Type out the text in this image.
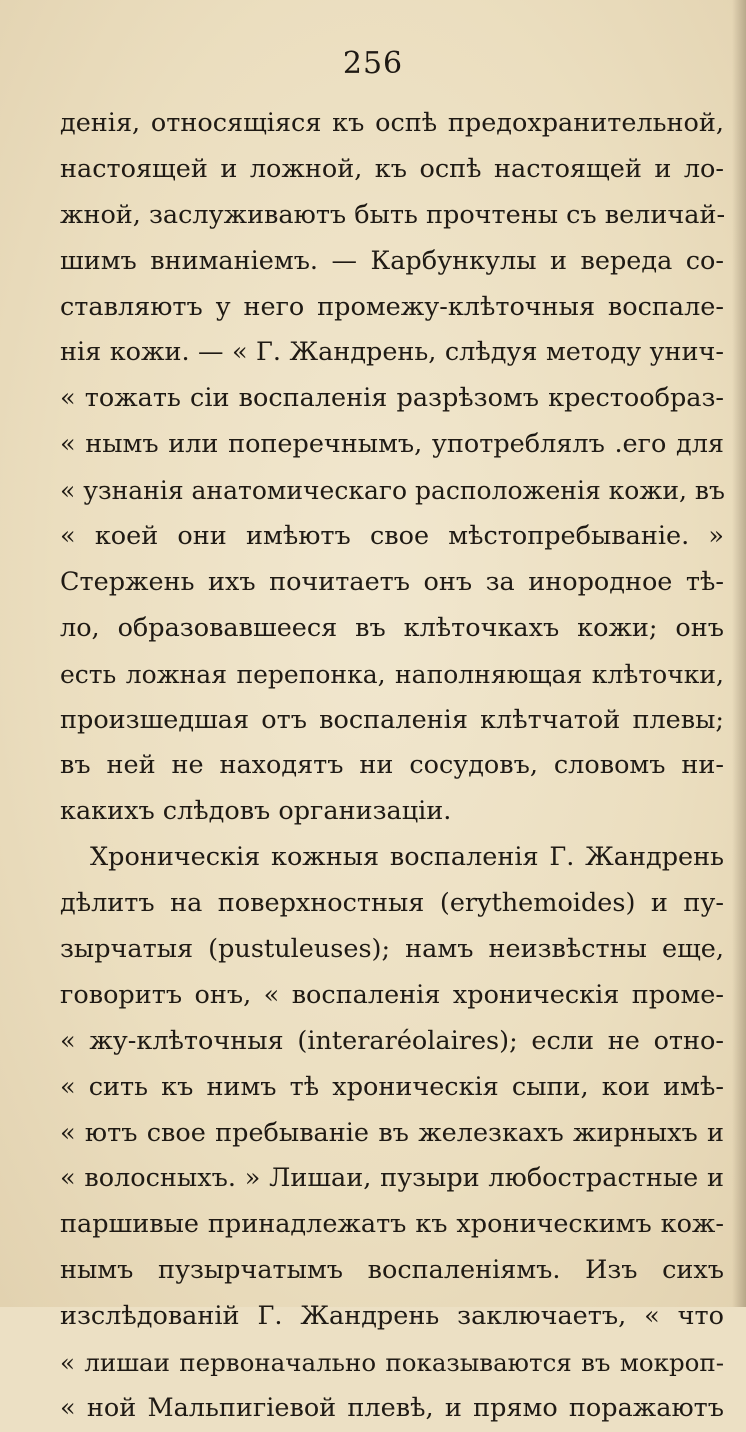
256
денія, относящіяся къ оспѣ предохранительной,
настоящей и ложной, къ оспѣ настоящей и ло-
жной, заслуживаютъ быть прочтены съ величай-
шимъ вниманіемъ. — Карбункулы и вереда со-
ставляютъ у него промежу-клѣточныя воспале-
нія кожи. — « Г. Жандрень, слѣдуя методу унич-
« тожать сіи воспаленія разрѣзомъ крестообраз-
« нымъ или поперечнымъ, употреблялъ .его для
« узнанія анатомическаго расположенія кожи, въ
« коей они имѣютъ свое мѣстопребываніе. »
Стержень ихъ почитаетъ онъ за инородное тѣ-
ло, образовавшееся въ клѣточкахъ кожи; онъ
есть ложная перепонка, наполняющая клѣточки,
произшедшая отъ воспаленія клѣтчатой плевы;
въ ней не находятъ ни сосудовъ, словомъ ни-
какихъ слѣдовъ организаціи.
Хроническія кожныя воспаленія Г. Жандрень
дѣлитъ на поверхностныя (erythemoides) и пу-
зырчатыя (pustuleuses); намъ неизвѣстны еще,
говоритъ онъ, « воспаленія хроническія проме-
« жу-клѣточныя (interaréolaires); если не отно-
« сить къ нимъ тѣ хроническія сыпи, кои имѣ-
« ютъ свое пребываніе въ железкахъ жирныхъ и
« волосныхъ. » Лишаи, пузыри любострастные и
паршивые принадлежатъ къ хроническимъ кож-
нымъ пузырчатымъ воспаленіямъ. Изъ сихъ
изслѣдованій Г. Жандрень заключаетъ, « что
« лишаи первоначально показываются въ мокроп-
« ной Мальпигіевой плевѣ, и прямо поражаютъ
